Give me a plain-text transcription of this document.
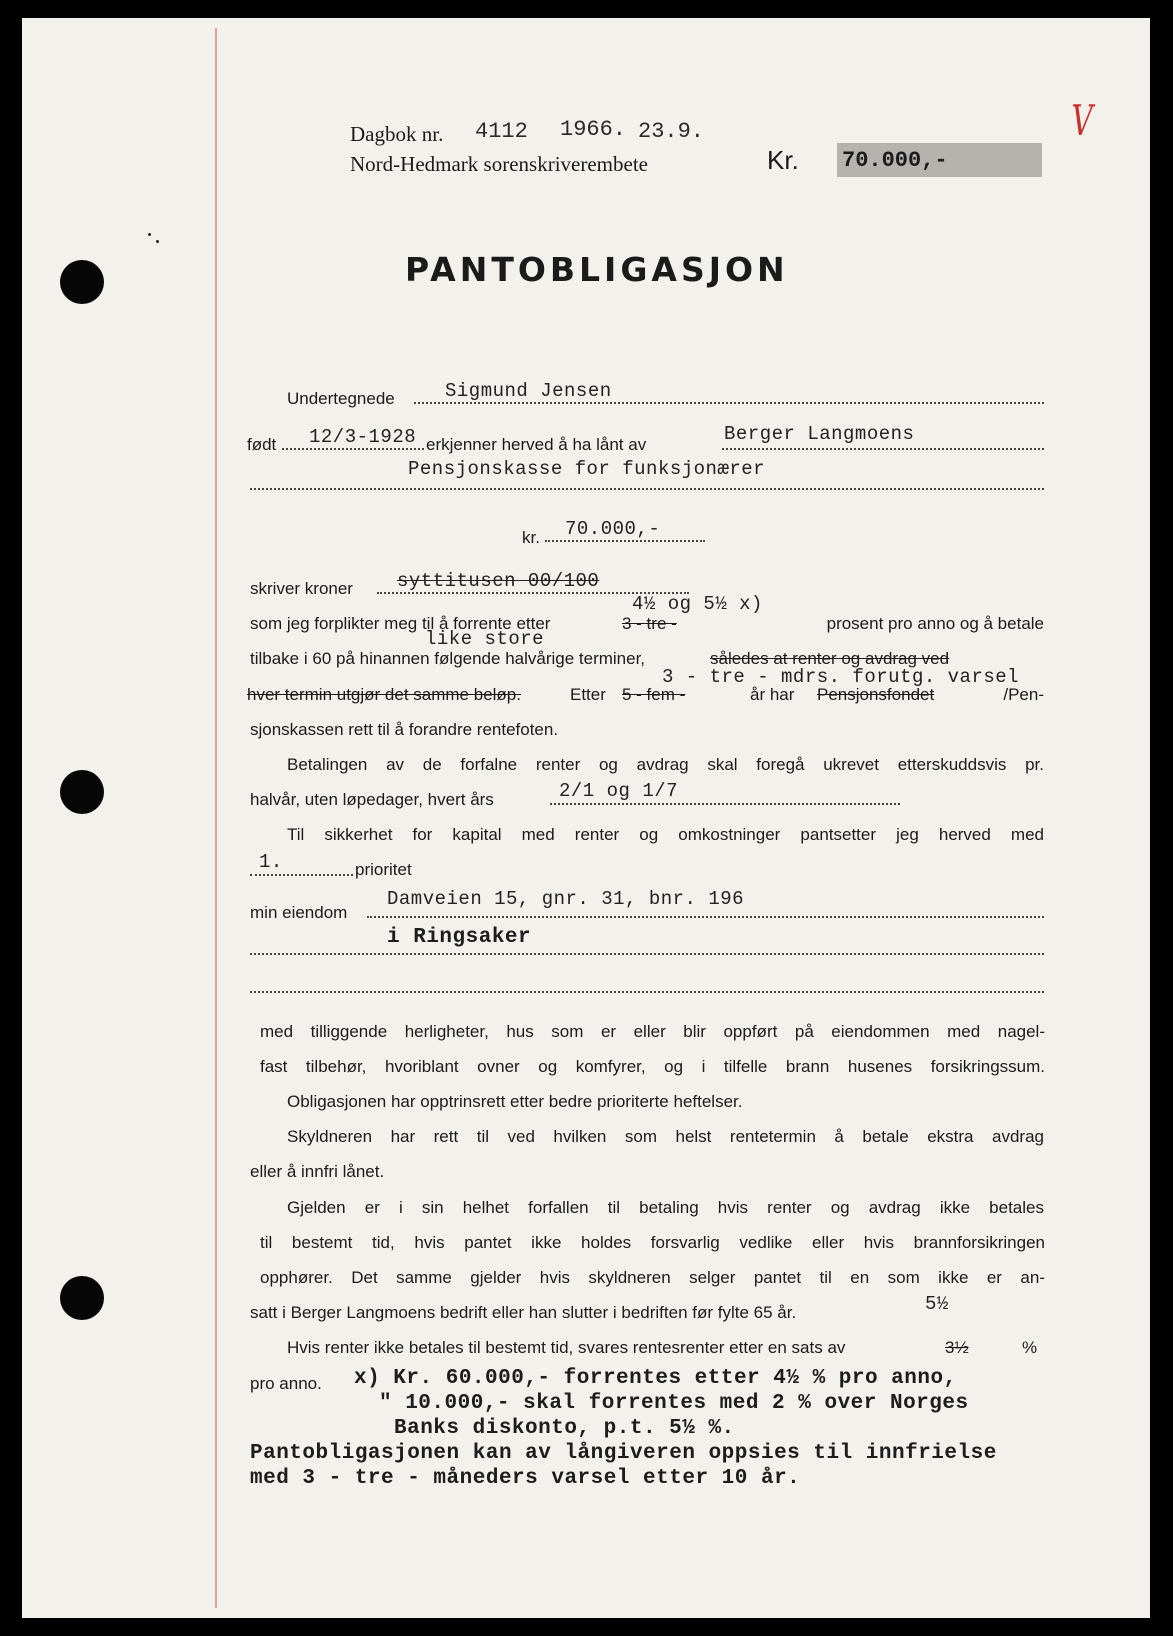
V
Dagbok nr. 4112 1966. 23.9.
Nord-Hedmark sorenskriverembete	Kr. 70.000,-
PANTOBLIGASJON
Undertegnede	Sigmund Jensen
født 12/3-1928 erkjenner herved å ha lånt av	Berger Langmoens
Pensjonskasse for funksjonærer
kr. 70.000,-
skriver kroner syttitusen 00/100
4½ og 5½ x)
som jeg forplikter meg til å forrente etter	3 - tre -	prosent pro anno og å betale
like store
tilbake i 60 på hinannen følgende halvårige terminer,	således at renter og avdrag ved
3 - tre - mdrs. forutg. varsel
hver termin utgjør det samme beløp.	Etter 5 - fem -	år har Pensjonsfondet	/Pen-
sjonskassen rett til å forandre rentefoten.
Betalingen av de forfalne renter og avdrag skal foregå ukrevet etterskuddsvis pr.
halvår, uten løpedager, hvert års	2/1 og 1/7
Til sikkerhet for kapital med renter og omkostninger pantsetter jeg herved med
1.	prioritet
min eiendom
Damveien 15, gnr. 31, bnr. 196
i Ringsaker
med tilliggende herligheter, hus som er eller blir oppført på eiendommen med nagel-
fast tilbehør, hvoriblant ovner og komfyrer, og i tilfelle brann husenes forsikringssum.
Obligasjonen har opptrinsrett etter bedre prioriterte heftelser.
Skyldneren har rett til ved hvilken som helst rentetermin å betale ekstra avdrag
eller å innfri lånet.
Gjelden er i sin helhet forfallen til betaling hvis renter og avdrag ikke betales
til bestemt tid, hvis pantet ikke holdes forsvarlig vedlike eller hvis brannforsikringen
opphører. Det samme gjelder hvis skyldneren selger pantet til en som ikke er an-
satt i Berger Langmoens bedrift eller han slutter i bedriften før fylte 65 år.	5½
Hvis renter ikke betales til bestemt tid, svares rentesrenter etter en sats av	3½	%
pro anno. x) Kr. 60.000,- forrentes etter 4½ % pro anno,
" 10.000,- skal forrentes med 2 % over Norges
Banks diskonto, p.t. 5½ %.
Pantobligasjonen kan av långiveren oppsies til innfrielse
med 3 - tre - måneders varsel etter 10 år.
